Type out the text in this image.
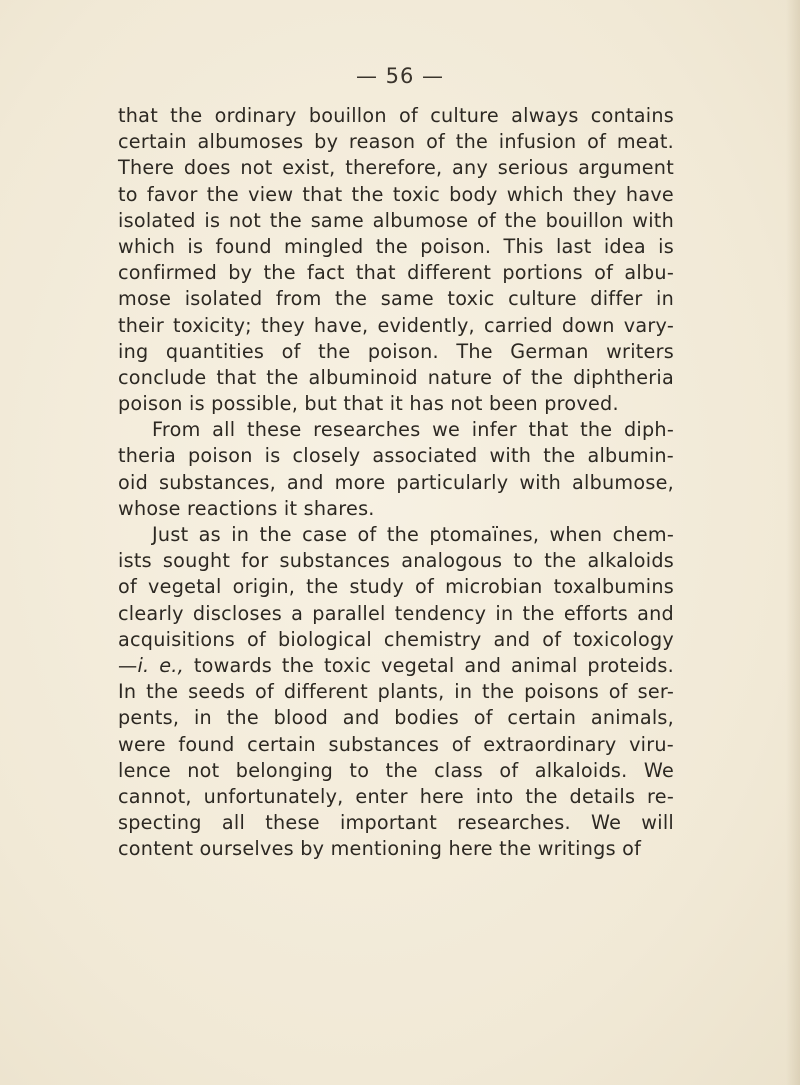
— 56 —
that the ordinary bouillon of culture always contains
certain albumoses by reason of the infusion of meat.
There does not exist, therefore, any serious argument
to favor the view that the toxic body which they have
isolated is not the same albumose of the bouillon with
which is found mingled the poison. This last idea is
confirmed by the fact that different portions of albu-
mose isolated from the same toxic culture differ in
their toxicity; they have, evidently, carried down vary-
ing quantities of the poison. The German writers
conclude that the albuminoid nature of the diphtheria
poison is possible, but that it has not been proved.
From all these researches we infer that the diph-
theria poison is closely associated with the albumin-
oid substances, and more particularly with albumose,
whose reactions it shares.
Just as in the case of the ptomaïnes, when chem-
ists sought for substances analogous to the alkaloids
of vegetal origin, the study of microbian toxalbumins
clearly discloses a parallel tendency in the efforts and
acquisitions of biological chemistry and of toxicology
—i. e., towards the toxic vegetal and animal proteids.
In the seeds of different plants, in the poisons of ser-
pents, in the blood and bodies of certain animals,
were found certain substances of extraordinary viru-
lence not belonging to the class of alkaloids. We
cannot, unfortunately, enter here into the details re-
specting all these important researches. We will
content ourselves by mentioning here the writings of
